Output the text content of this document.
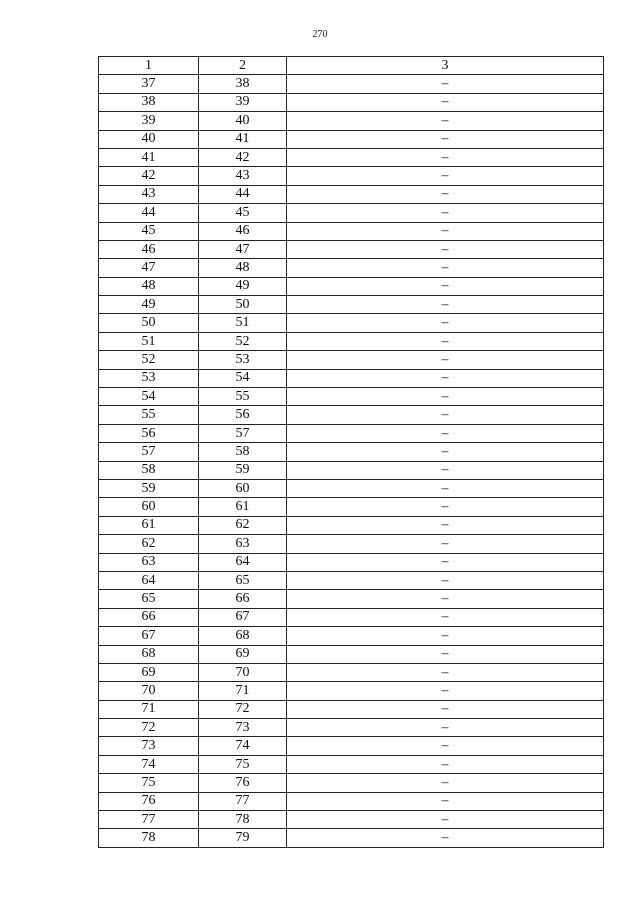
270
1	2	3
37	38	–
38	39	–
39	40	–
40	41	–
41	42	–
42	43	–
43	44	–
44	45	–
45	46	–
46	47	–
47	48	–
48	49	–
49	50	–
50	51	–
51	52	–
52	53	–
53	54	–
54	55	–
55	56	–
56	57	–
57	58	–
58	59	–
59	60	–
60	61	–
61	62	–
62	63	–
63	64	–
64	65	–
65	66	–
66	67	–
67	68	–
68	69	–
69	70	–
70	71	–
71	72	–
72	73	–
73	74	–
74	75	–
75	76	–
76	77	–
77	78	–
78	79	–
